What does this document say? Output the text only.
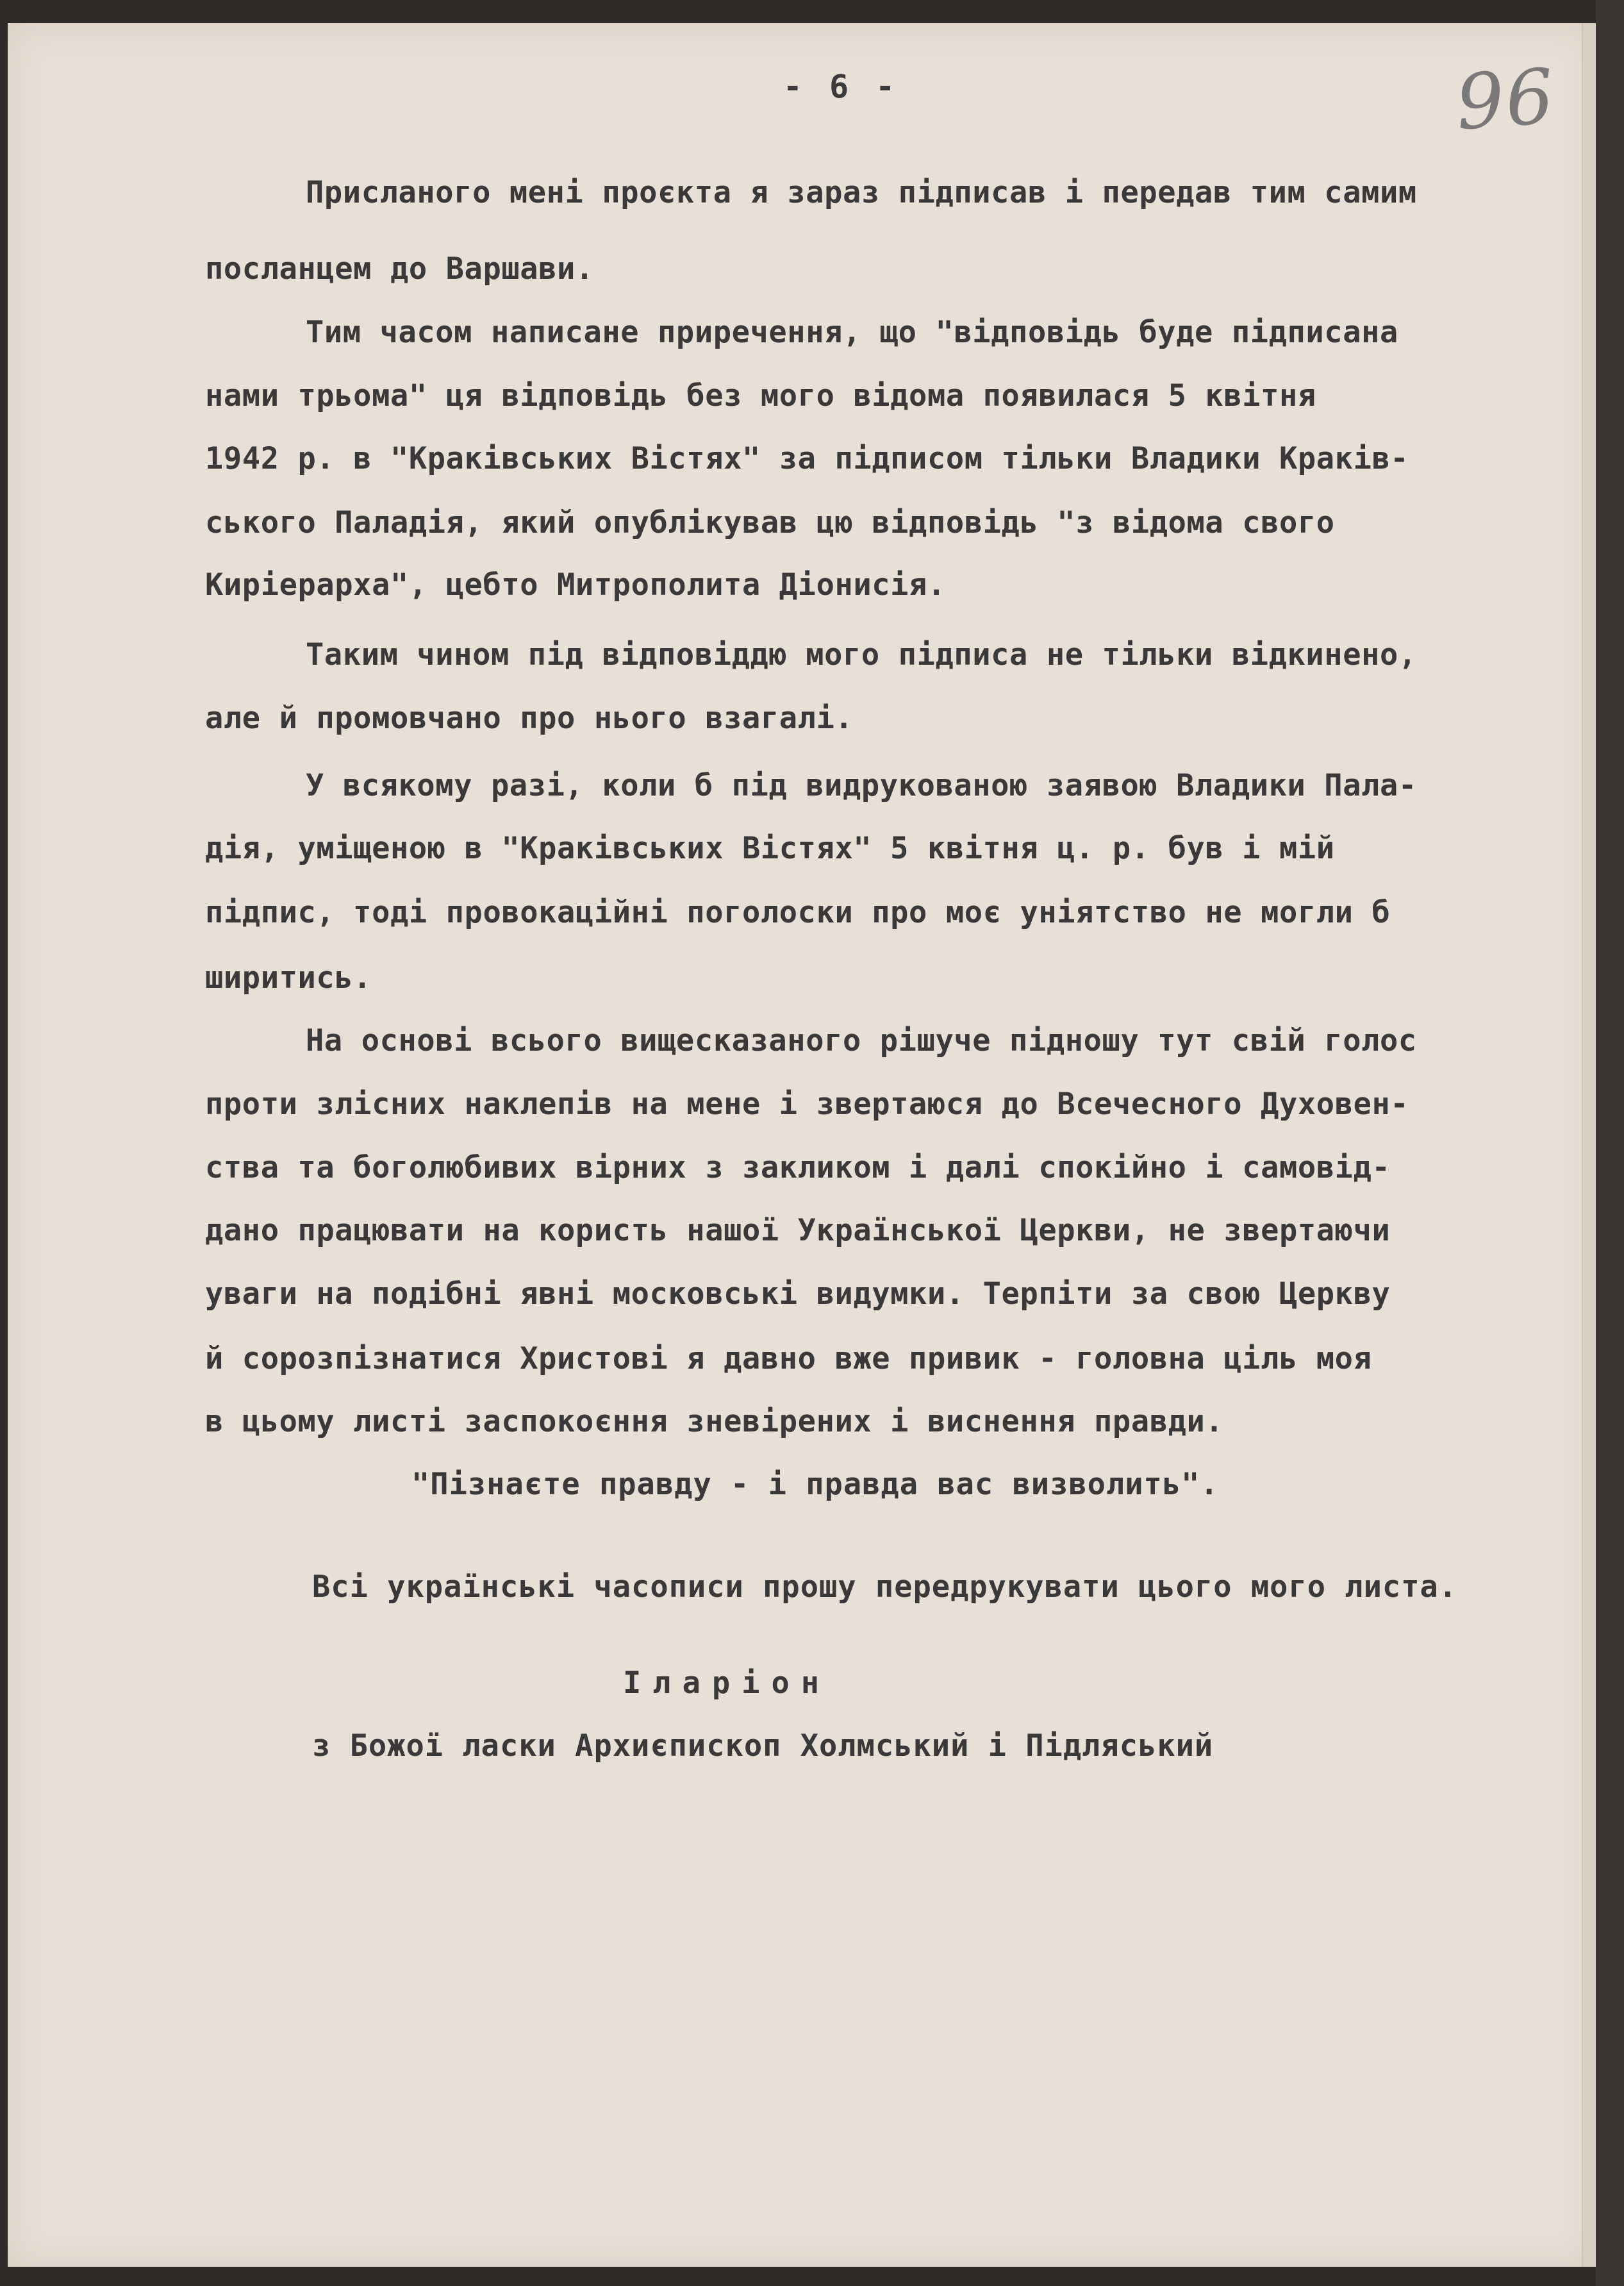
- 6 -	96
Присланого мені проєкта я зараз підписав і передав тим самим
посланцем до Варшави.
Тим часом написане приречення, що "відповідь буде підписана
нами трьома" ця відповідь без мого відома появилася 5 квітня
1942 р. в "Краківських Вістях" за підписом тільки Владики Кракiв-
ського Паладія, який опублікував цю відповідь "з відома свого
Киріерарха", цебто Митрополита Діонисія.
Таким чином під відповіддю мого підписа не тільки відкинено,
але й промовчано про нього взагалі.
У всякому разі, коли б під видрукованою заявою Владики Пала-
дія, уміщеною в "Краківських Вістях" 5 квітня ц. р. був і мій
підпис, тоді провокаційні поголоски про моє уніятство не могли б
ширитись.
На основі всього вищесказаного рішуче підношу тут свій голос
проти злісних наклепів на мене і звертаюся до Всечесного Духовен-
ства та боголюбивих вірних з закликом і далі спокійно і самовід-
дано працювати на користь нашої Української Церкви, не звертаючи
уваги на подібні явні московські видумки. Терпіти за свою Церкву
й сорозпізнатися Христові я давно вже привик - головна ціль моя
в цьому листі заспокоєння зневірених і виснення правди.
"Пізнаєте правду - і правда вас визволить".
Всі українські часописи прошу передрукувати цього мого листа.
Іларіон
з Божої ласки Архиєпископ Холмський і Підляський
